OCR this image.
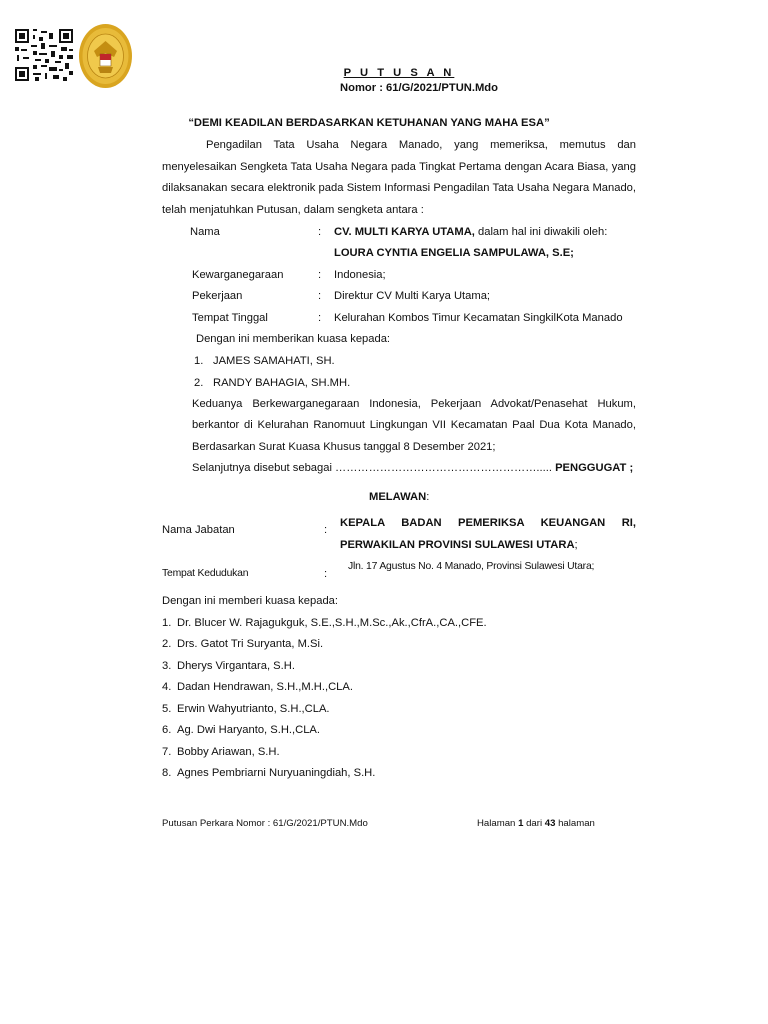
P U T U S A N
Nomor : 61/G/2021/PTUN.Mdo
“DEMI KEADILAN BERDASARKAN KETUHANAN YANG MAHA ESA”
Pengadilan Tata Usaha Negara Manado, yang memeriksa, memutus dan
menyelesaikan Sengketa Tata Usaha Negara pada Tingkat Pertama dengan Acara Biasa, yang
dilaksanakan secara elektronik pada Sistem Informasi Pengadilan Tata Usaha Negara Manado,
telah menjatuhkan Putusan, dalam sengketa antara :
Nama	: CV. MULTI KARYA UTAMA, dalam hal ini diwakili oleh:
LOURA CYNTIA ENGELIA SAMPULAWA, S.E;
Kewarganegaraan	: Indonesia;
Pekerjaan	: Direktur CV Multi Karya Utama;
Tempat Tinggal	: Kelurahan Kombos Timur Kecamatan SingkilKota Manado
Dengan ini memberikan kuasa kepada:
1. JAMES SAMAHATI, SH.
2. RANDY BAHAGIA, SH.MH.
Keduanya Berkewarganegaraan Indonesia, Pekerjaan Advokat/Penasehat Hukum,
berkantor di Kelurahan Ranomuut Lingkungan VII Kecamatan Paal Dua Kota Manado,
Berdasarkan Surat Kuasa Khusus tanggal 8 Desember 2021;
Selanjutnya disebut sebagai ………………………………………………..... PENGGUGAT ;
MELAWAN:
Nama Jabatan	:
KEPALA BADAN PEMERIKSA KEUANGAN RI,
PERWAKILAN PROVINSI SULAWESI UTARA;
Tempat Kedudukan	:
Jln. 17 Agustus No. 4 Manado, Provinsi Sulawesi Utara;
Dengan ini memberi kuasa kepada:
1. Dr. Blucer W. Rajagukguk, S.E.,S.H.,M.Sc.,Ak.,CfrA.,CA.,CFE.
2. Drs. Gatot Tri Suryanta, M.Si.
3. Dherys Virgantara, S.H.
4. Dadan Hendrawan, S.H.,M.H.,CLA.
5. Erwin Wahyutrianto, S.H.,CLA.
6. Ag. Dwi Haryanto, S.H.,CLA.
7. Bobby Ariawan, S.H.
8. Agnes Pembriarni Nuryuaningdiah, S.H.
Putusan Perkara Nomor : 61/G/2021/PTUN.Mdo	Halaman 1 dari 43 halaman
